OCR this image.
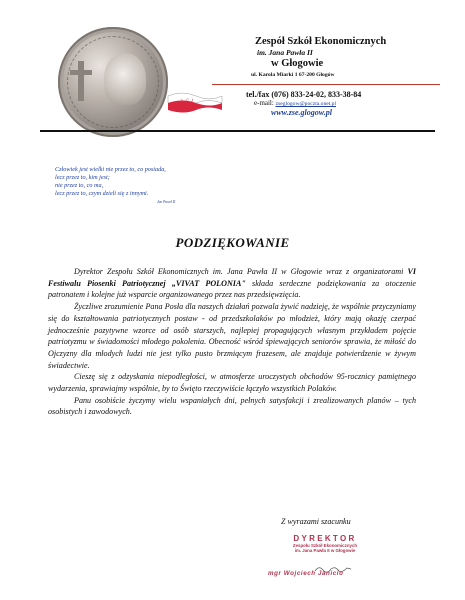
♪ ♫ ♪
Zespół Szkół Ekonomicznych
im. Jana Pawła II
w Głogowie
ul. Karola Miarki 1 67-200 Głogów
tel./fax (076) 833-24-02, 833-38-84
e-mail: zseglogow@poczta.onet.pl
www.zse.glogow.pl
Człowiek jest wielki nie przez to, co posiada,
lecz przez to, kim jest;
nie przez to, co ma,
lecz przez to, czym dzieli się z innymi.
Jan Paweł II
PODZIĘKOWANIE

Dyrektor Zespołu Szkół Ekonomicznych im. Jana Pawła II w Głogowie wraz z organizatorami VI Festiwalu Piosenki Patriotycznej „VIVAT POLONIA" składa serdeczne podziękowania za otoczenie patronatem i kolejne już wsparcie organizowanego przez nas przedsięwzięcia.

Życzliwe zrozumienie Pana Posła dla naszych działań pozwala żywić nadzieję, że wspólnie przyczyniamy się do kształtowania patriotycznych postaw - od przedszkolaków po młodzież, który mają okazję czerpać jednocześnie pozytywne wzorce od osób starszych, najlepiej propagujących własnym przykładem pojęcie patriotyzmu w świadomości młodego pokolenia. Obecność wśród śpiewających seniorów sprawia, że miłość do Ojczyzny dla młodych ludzi nie jest tylko pusto brzmiącym frazesem, ale znajduje potwierdzenie w żywym świadectwie.

Cieszę się z odzyskania niepodległości, w atmosferze uroczystych obchodów 95-rocznicy pamiętnego wydarzenia, sprawiajmy wspólnie, by to Święto rzeczywiście łączyło wszystkich Polaków.

Panu osobiście życzymy wielu wspaniałych dni, pełnych satysfakcji i zrealizowanych planów – tych osobistych i zawodowych.

Z wyrazami szacunku
DYREKTOR
Zespołu Szkół Ekonomicznych
im. Jana Pawła II w Głogowie
mgr Wojciech Janicio
